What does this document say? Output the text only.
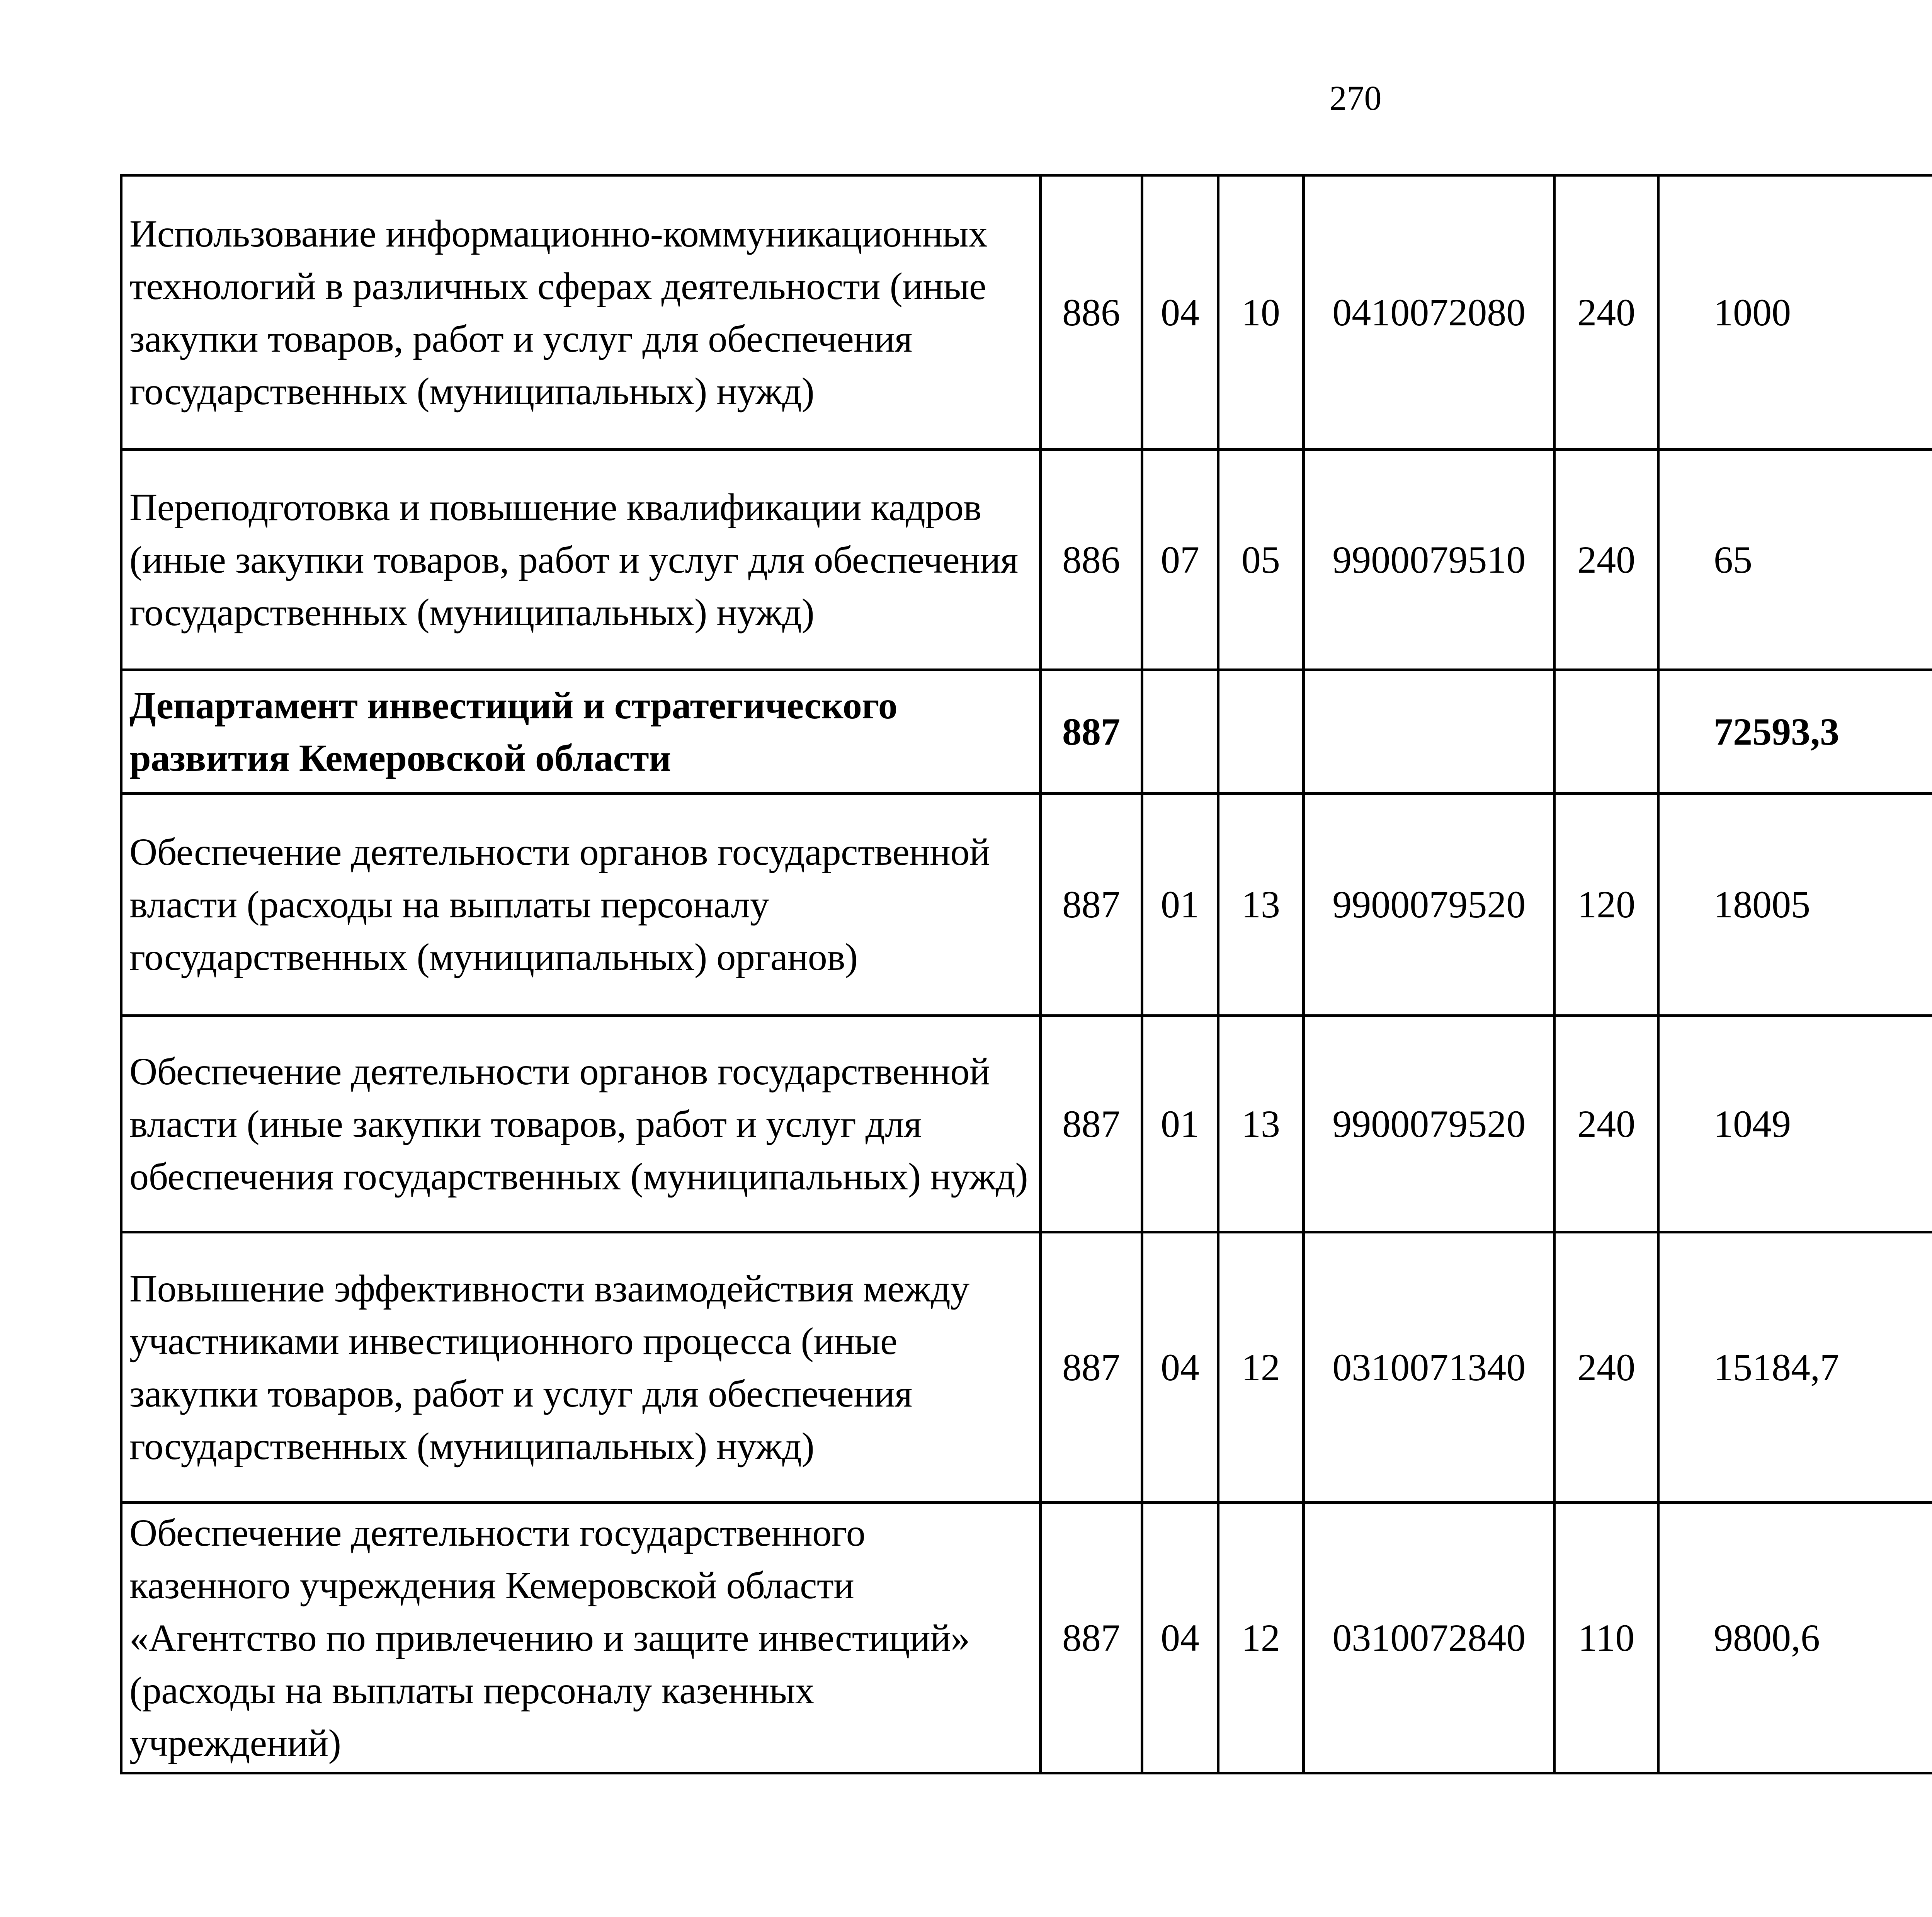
270
Использование информационно-коммуникационных технологий в различных сферах деятельности (иные закупки товаров, работ и услуг для обеспечения государственных (муниципальных) нужд)	886	04	10	0410072080	240	1000		
Переподготовка и повышение квалификации кадров (иные закупки товаров, работ и услуг для обеспечения государственных (муниципальных) нужд)	886	07	05	9900079510	240	65		
Департамент инвестиций и стратегического развития Кемеровской области	887					72593,3		
Обеспечение деятельности органов государственной власти (расходы на выплаты персоналу государственных (муниципальных) органов)	887	01	13	9900079520	120	18005		
Обеспечение деятельности органов государственной власти (иные закупки товаров, работ и услуг для обеспечения государственных (муниципальных) нужд)	887	01	13	9900079520	240	1049		
Повышение эффективности взаимодействия между участниками инвестиционного процесса (иные закупки товаров, работ и услуг для обеспечения государственных (муниципальных) нужд)	887	04	12	0310071340	240	15184,7		
Обеспечение деятельности государственного казенного учреждения Кемеровской области «Агентство по привлечению и защите инвестиций» (расходы на выплаты персоналу казенных учреждений)	887	04	12	0310072840	110	9800,6		
